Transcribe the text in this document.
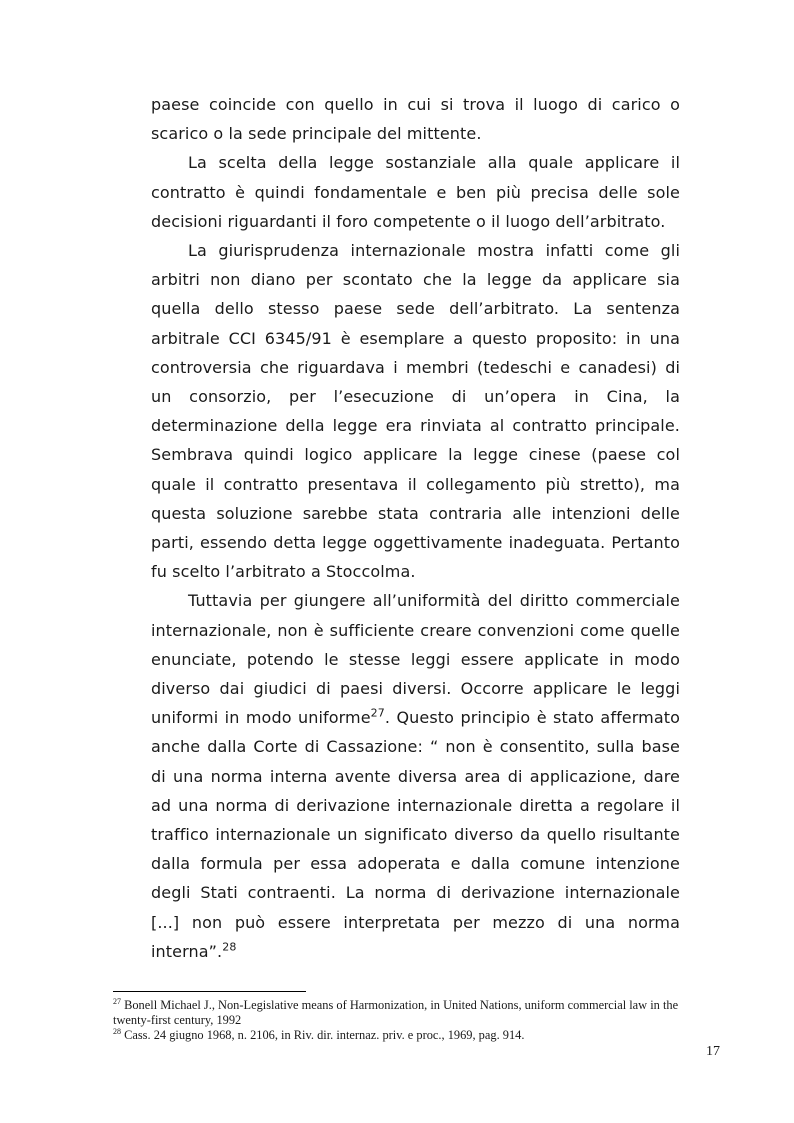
paese coincide con quello in cui si trova il luogo di carico o scarico o la sede principale del mittente.

La scelta della legge sostanziale alla quale applicare il contratto è quindi fondamentale e ben più precisa delle sole decisioni riguardanti il foro competente o il luogo dell’arbitrato.

La giurisprudenza internazionale mostra infatti come gli arbitri non diano per scontato che la legge da applicare sia quella dello stesso paese sede dell’arbitrato. La sentenza arbitrale CCI 6345/91 è esemplare a questo proposito: in una controversia che riguardava i membri (tedeschi e canadesi) di un consorzio, per l’esecuzione di un’opera in Cina, la determinazione della legge era rinviata al contratto principale. Sembrava quindi logico applicare la legge cinese (paese col quale il contratto presentava il collegamento più stretto), ma questa soluzione sarebbe stata contraria alle intenzioni delle parti, essendo detta legge oggettivamente inadeguata. Pertanto fu scelto l’arbitrato a Stoccolma.

Tuttavia per giungere all’uniformità del diritto commerciale internazionale, non è sufficiente creare convenzioni come quelle enunciate, potendo le stesse leggi essere applicate in modo diverso dai giudici di paesi diversi. Occorre applicare le leggi uniformi in modo uniforme$^{27}$. Questo principio è stato affermato anche dalla Corte di Cassazione: “ non è consentito, sulla base di una norma interna avente diversa area di applicazione, dare ad una norma di derivazione internazionale diretta a regolare il traffico internazionale un significato diverso da quello risultante dalla formula per essa adoperata e dalla comune intenzione degli Stati contraenti. La norma di derivazione internazionale [...] non può essere interpretata per mezzo di una norma interna”.$^{28}$

$^{27}$ Bonell Michael J., Non-Legislative means of Harmonization, in United Nations, uniform commercial law in the twenty-first century, 1992

$^{28}$ Cass. 24 giugno 1968, n. 2106, in Riv. dir. internaz. priv. e proc., 1969, pag. 914.

17
